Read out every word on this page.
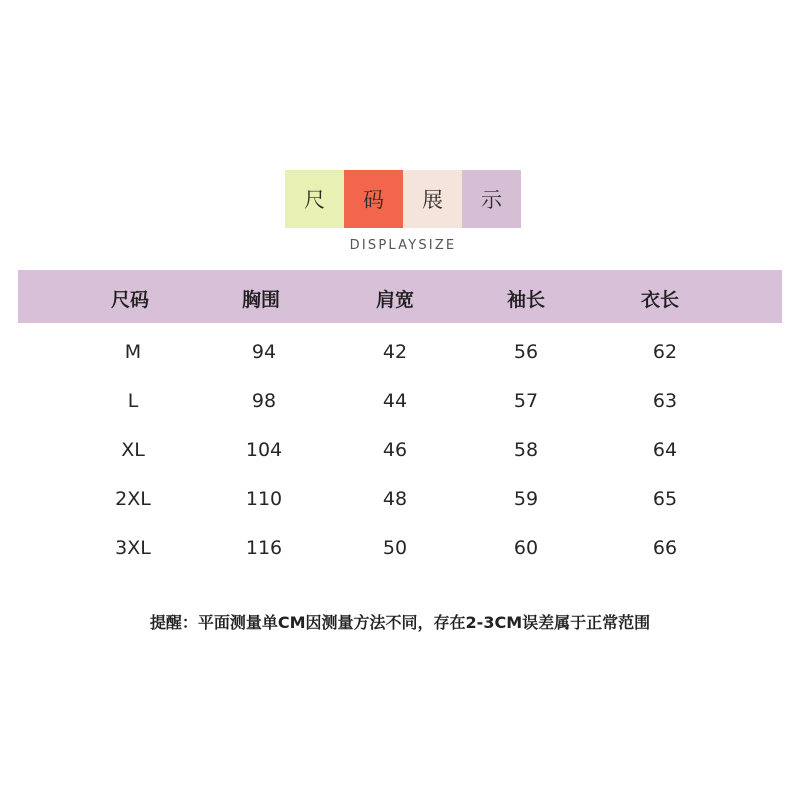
尺	码	展	示
DISPLAYSIZE
尺码	胸围	肩宽	袖长	衣长
M	94	42	56	62
L	98	44	57	63
XL	104	46	58	64
2XL	110	48	59	65
3XL	116	50	60	66
提醒：平面测量单CM因测量方法不同，存在2-3CM误差属于正常范围
